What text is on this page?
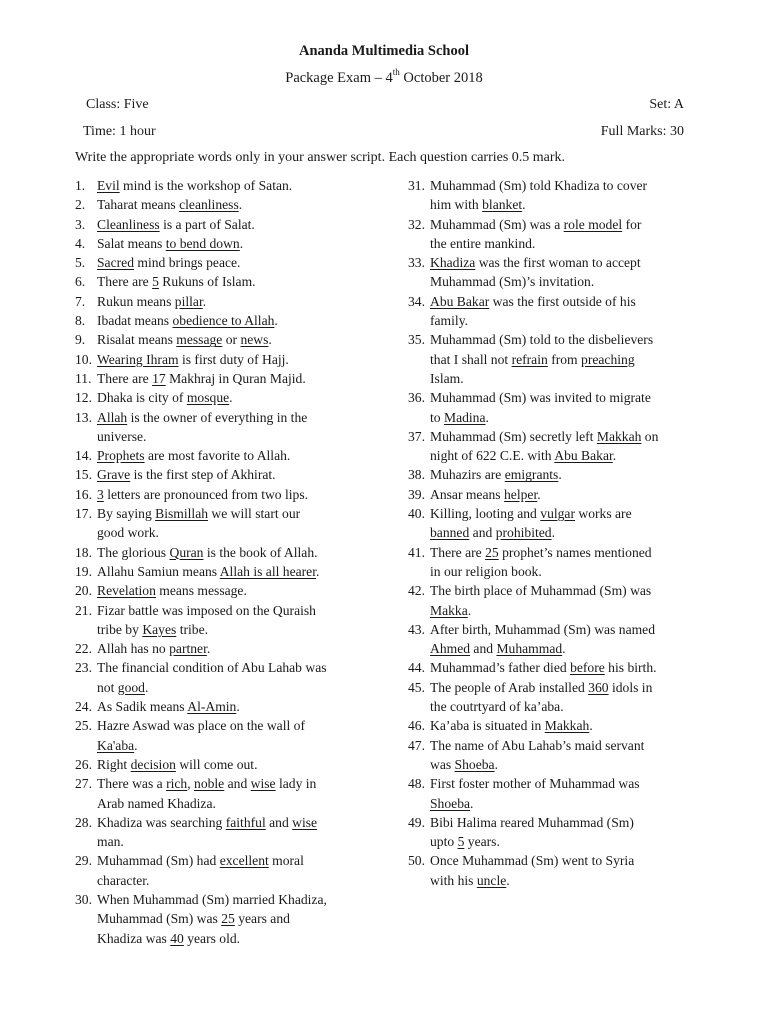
Ananda Multimedia School
Package Exam – 4th October 2018
Class: Five	Set: A
Time: 1 hour	Full Marks: 30
Write the appropriate words only in your answer script. Each question carries 0.5 mark.
1. Evil mind is the workshop of Satan.
2. Taharat means cleanliness.
3. Cleanliness is a part of Salat.
4. Salat means to bend down.
5. Sacred mind brings peace.
6. There are 5 Rukuns of Islam.
7. Rukun means pillar.
8. Ibadat means obedience to Allah.
9. Risalat means message or news.
10. Wearing Ihram is first duty of Hajj.
11. There are 17 Makhraj in Quran Majid.
12. Dhaka is city of mosque.
13. Allah is the owner of everything in the
universe.
14. Prophets are most favorite to Allah.
15. Grave is the first step of Akhirat.
16. 3 letters are pronounced from two lips.
17. By saying Bismillah we will start our
good work.
18. The glorious Quran is the book of Allah.
19. Allahu Samiun means Allah is all hearer.
20. Revelation means message.
21. Fizar battle was imposed on the Quraish
tribe by Kayes tribe.
22. Allah has no partner.
23. The financial condition of Abu Lahab was
not good.
24. As Sadik means Al-Amin.
25. Hazre Aswad was place on the wall of
Ka'aba.
26. Right decision will come out.
27. There was a rich, noble and wise lady in
Arab named Khadiza.
28. Khadiza was searching faithful and wise
man.
29. Muhammad (Sm) had excellent moral
character.
30. When Muhammad (Sm) married Khadiza,
Muhammad (Sm) was 25 years and
Khadiza was 40 years old.
31. Muhammad (Sm) told Khadiza to cover
him with blanket.
32. Muhammad (Sm) was a role model for
the entire mankind.
33. Khadiza was the first woman to accept
Muhammad (Sm)’s invitation.
34. Abu Bakar was the first outside of his
family.
35. Muhammad (Sm) told to the disbelievers
that I shall not refrain from preaching
Islam.
36. Muhammad (Sm) was invited to migrate
to Madina.
37. Muhammad (Sm) secretly left Makkah on
night of 622 C.E. with Abu Bakar.
38. Muhazirs are emigrants.
39. Ansar means helper.
40. Killing, looting and vulgar works are
banned and prohibited.
41. There are 25 prophet’s names mentioned
in our religion book.
42. The birth place of Muhammad (Sm) was
Makka.
43. After birth, Muhammad (Sm) was named
Ahmed and Muhammad.
44. Muhammad’s father died before his birth.
45. The people of Arab installed 360 idols in
the coutrtyard of ka’aba.
46. Ka’aba is situated in Makkah.
47. The name of Abu Lahab’s maid servant
was Shoeba.
48. First foster mother of Muhammad was
Shoeba.
49. Bibi Halima reared Muhammad (Sm)
upto 5 years.
50. Once Muhammad (Sm) went to Syria
with his uncle.
